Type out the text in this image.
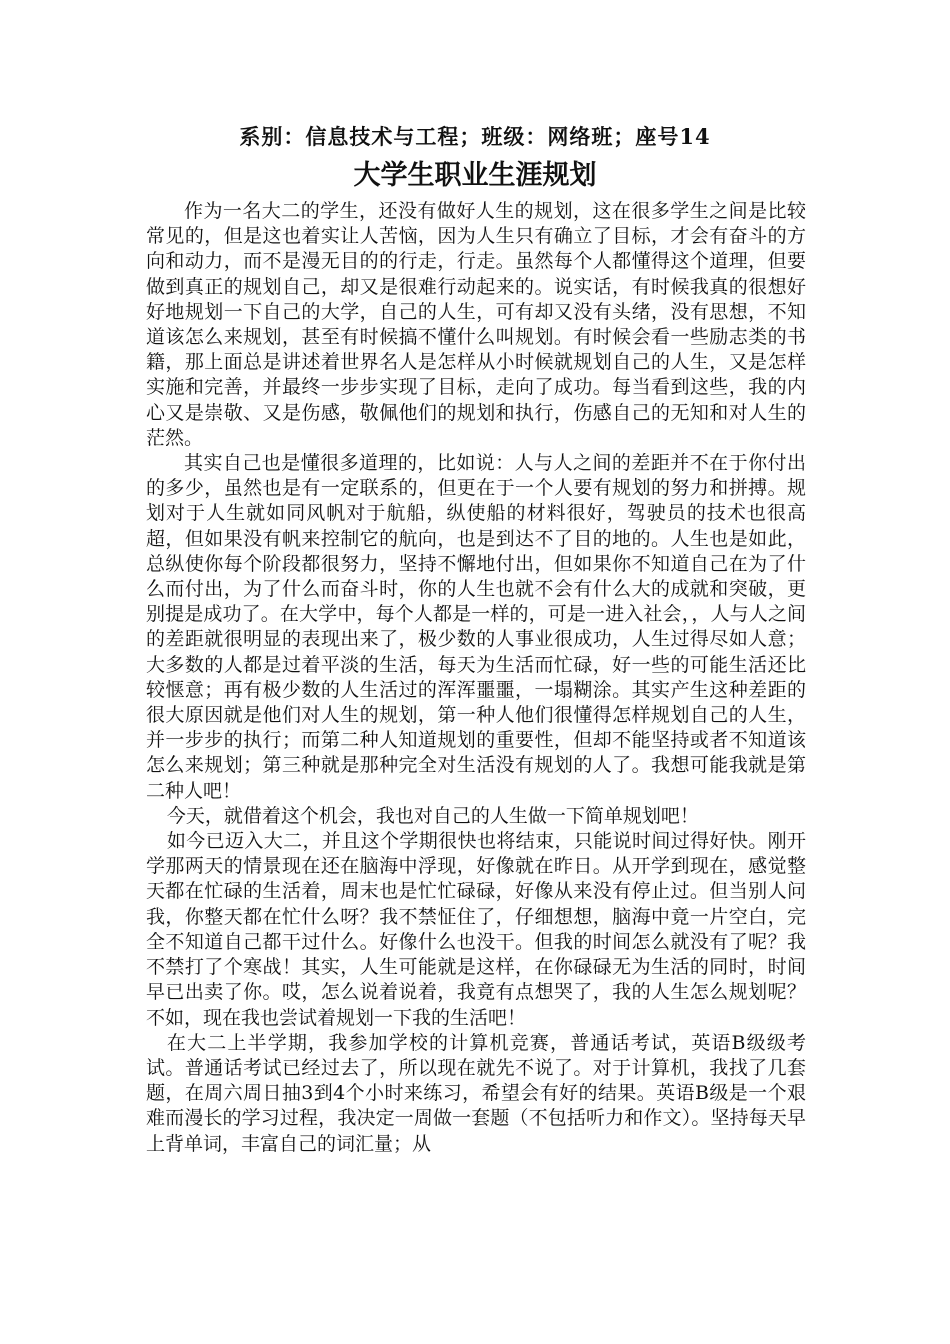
系别：信息技术与工程；班级：网络班；座号14
大学生职业生涯规划

作为一名大二的学生，还没有做好人生的规划，这在很多学生之间是比较常见的，但是这也着实让人苦恼，因为人生只有确立了目标，才会有奋斗的方向和动力，而不是漫无目的的行走，行走。虽然每个人都懂得这个道理，但要做到真正的规划自己，却又是很难行动起来的。说实话，有时候我真的很想好好地规划一下自己的大学，自己的人生，可有却又没有头绪，没有思想，不知道该怎么来规划，甚至有时候搞不懂什么叫规划。有时候会看一些励志类的书籍，那上面总是讲述着世界名人是怎样从小时候就规划自己的人生，又是怎样实施和完善，并最终一步步实现了目标，走向了成功。每当看到这些，我的内心又是崇敬、又是伤感，敬佩他们的规划和执行，伤感自己的无知和对人生的茫然。

其实自己也是懂很多道理的，比如说：人与人之间的差距并不在于你付出的多少，虽然也是有一定联系的，但更在于一个人要有规划的努力和拼搏。规划对于人生就如同风帆对于航船，纵使船的材料很好，驾驶员的技术也很高超，但如果没有帆来控制它的航向，也是到达不了目的地的。人生也是如此，总纵使你每个阶段都很努力，坚持不懈地付出，但如果你不知道自己在为了什么而付出，为了什么而奋斗时，你的人生也就不会有什么大的成就和突破，更别提是成功了。在大学中，每个人都是一样的，可是一进入社会，，人与人之间的差距就很明显的表现出来了，极少数的人事业很成功，人生过得尽如人意；大多数的人都是过着平淡的生活，每天为生活而忙碌，好一些的可能生活还比较惬意；再有极少数的人生活过的浑浑噩噩，一塌糊涂。其实产生这种差距的很大原因就是他们对人生的规划，第一种人他们很懂得怎样规划自己的人生，并一步步的执行；而第二种人知道规划的重要性，但却不能坚持或者不知道该怎么来规划；第三种就是那种完全对生活没有规划的人了。我想可能我就是第二种人吧！

今天，就借着这个机会，我也对自己的人生做一下简单规划吧！

如今已迈入大二，并且这个学期很快也将结束，只能说时间过得好快。刚开学那两天的情景现在还在脑海中浮现，好像就在昨日。从开学到现在，感觉整天都在忙碌的生活着，周末也是忙忙碌碌，好像从来没有停止过。但当别人问我，你整天都在忙什么呀？我不禁怔住了，仔细想想，脑海中竟一片空白，完全不知道自己都干过什么。好像什么也没干。但我的时间怎么就没有了呢？我不禁打了个寒战！其实，人生可能就是这样，在你碌碌无为生活的同时，时间早已出卖了你。哎，怎么说着说着，我竟有点想哭了，我的人生怎么规划呢？不如，现在我也尝试着规划一下我的生活吧！

在大二上半学期，我参加学校的计算机竞赛，普通话考试，英语B级级考试。普通话考试已经过去了，所以现在就先不说了。对于计算机，我找了几套题，在周六周日抽3到4个小时来练习，希望会有好的结果。英语B级是一个艰难而漫长的学习过程，我决定一周做一套题（不包括听力和作文）。坚持每天早上背单词，丰富自己的词汇量；从
